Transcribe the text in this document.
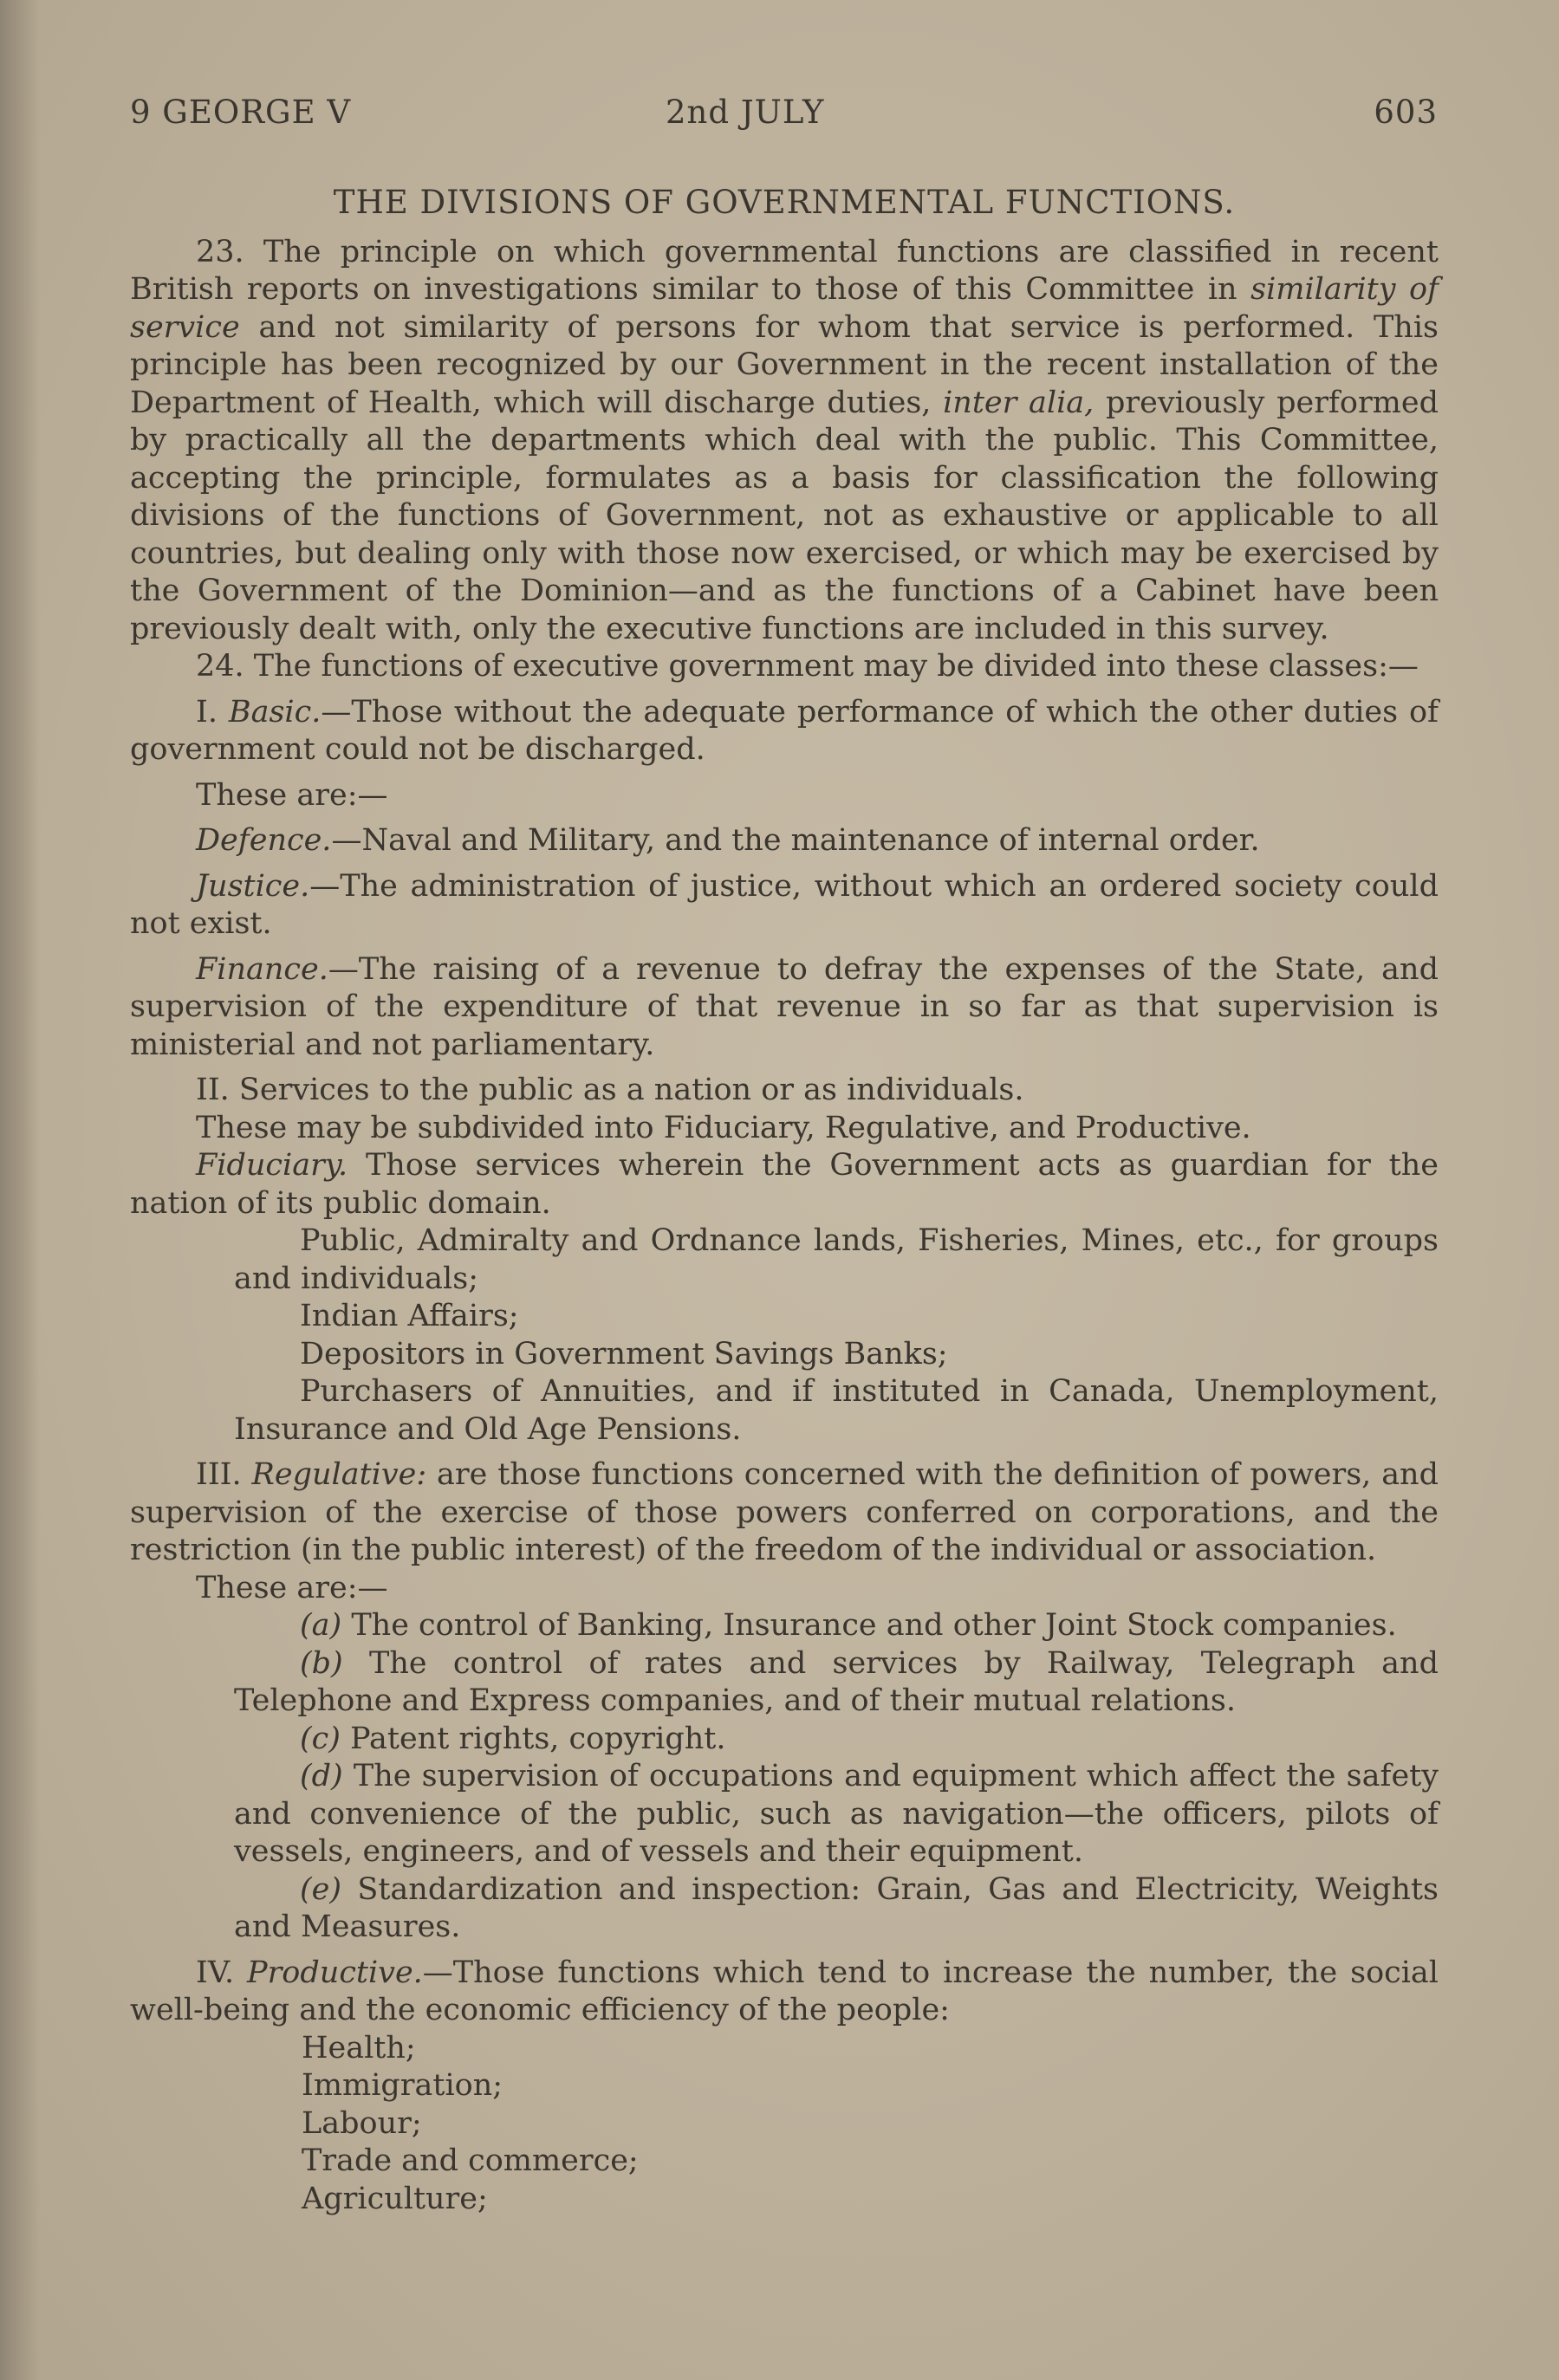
9 GEORGE V	2nd JULY	603

THE DIVISIONS OF GOVERNMENTAL FUNCTIONS.

23. The principle on which governmental functions are classified in recent British reports on investigations similar to those of this Committee in similarity of service and not similarity of persons for whom that service is performed. This principle has been recognized by our Government in the recent installation of the Department of Health, which will discharge duties, inter alia, previously performed by practically all the departments which deal with the public. This Committee, accepting the principle, formulates as a basis for classification the following divisions of the functions of Government, not as exhaustive or applicable to all countries, but dealing only with those now exercised, or which may be exercised by the Government of the Dominion—and as the functions of a Cabinet have been previously dealt with, only the executive functions are included in this survey.

24. The functions of executive government may be divided into these classes:—

I. Basic.—Those without the adequate performance of which the other duties of government could not be discharged.

These are:—

Defence.—Naval and Military, and the maintenance of internal order.

Justice.—The administration of justice, without which an ordered society could not exist.

Finance.—The raising of a revenue to defray the expenses of the State, and supervision of the expenditure of that revenue in so far as that supervision is ministerial and not parliamentary.

II. Services to the public as a nation or as individuals.

These may be subdivided into Fiduciary, Regulative, and Productive.

Fiduciary. Those services wherein the Government acts as guardian for the nation of its public domain.

Public, Admiralty and Ordnance lands, Fisheries, Mines, etc., for groups and individuals;

Indian Affairs;

Depositors in Government Savings Banks;

Purchasers of Annuities, and if instituted in Canada, Unemployment, Insurance and Old Age Pensions.

III. Regulative: are those functions concerned with the definition of powers, and supervision of the exercise of those powers conferred on corporations, and the restriction (in the public interest) of the freedom of the individual or association.

These are:—

(a) The control of Banking, Insurance and other Joint Stock companies.

(b) The control of rates and services by Railway, Telegraph and Telephone and Express companies, and of their mutual relations.

(c) Patent rights, copyright.

(d) The supervision of occupations and equipment which affect the safety and convenience of the public, such as navigation—the officers, pilots of vessels, engineers, and of vessels and their equipment.

(e) Standardization and inspection: Grain, Gas and Electricity, Weights and Measures.

IV. Productive.—Those functions which tend to increase the number, the social well-being and the economic efficiency of the people:

Health;

Immigration;

Labour;

Trade and commerce;

Agriculture;
